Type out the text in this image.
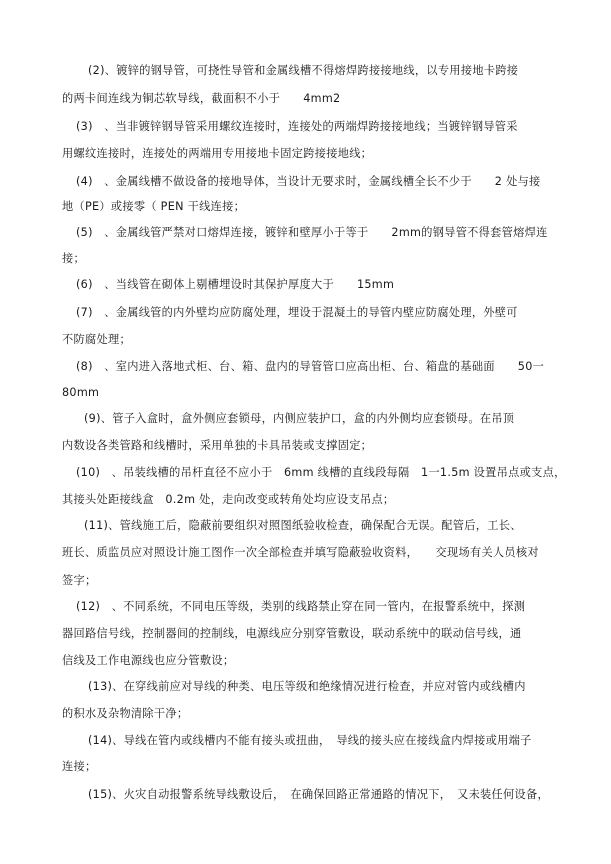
(2)、镀锌的钢导管，可挠性导管和金属线槽不得熔焊跨接接地线，以专用接地卡跨接
的两卡间连线为铜芯软导线，截面积不小于　　4mm2
(3)　、当非镀锌钢导管采用螺纹连接时，连接处的两端焊跨接接地线；当镀锌钢导管采
用螺纹连接时，连接处的两端用专用接地卡固定跨接接地线；
(4)　、金属线槽不做设备的接地导体，当设计无要求时，金属线槽全长不少于　　2 处与接
地（PE）或接零（ PEN 干线连接；
(5)　、金属线管严禁对口熔焊连接，镀锌和壁厚小于等于　　2mm的钢导管不得套管熔焊连
接；
(6)　、当线管在砌体上剔槽埋设时其保护厚度大于　　15mm
(7)　、金属线管的内外壁均应防腐处理，埋设于混凝土的导管内壁应防腐处理，外壁可
不防腐处理；
(8)　、室内进入落地式柜、台、箱、盘内的导管管口应高出柜、台、箱盘的基础面　　50一
80mm
(9)、管子入盒时，盒外侧应套锁母，内侧应装护口，盒的内外侧均应套锁母。在吊顶
内数设各类管路和线槽时，采用单独的卡具吊装或支撑固定；
(10)　、吊装线槽的吊杆直径不应小于　6mm 线槽的直线段每隔　1一1.5m 设置吊点或支点，
其接头处距接线盒　0.2m 处，走向改变或转角处均应设支吊点；
(11)、管线施工后，隐蔽前要组织对照图纸验收检查，确保配合无误。配管后，工长、
班长、质监员应对照设计施工图作一次全部检查并填写隐蔽验收资料，　　交现场有关人员核对
签字；
(12)　、不同系统，不同电压等级，类别的线路禁止穿在同一管内，在报警系统中，探测
器回路信号线，控制器间的控制线，电源线应分别穿管敷设，联动系统中的联动信号线，通
信线及工作电源线也应分管敷设；
(13)、在穿线前应对导线的种类、电压等级和绝缘情况进行检查，并应对管内或线槽内
的积水及杂物清除干净；
(14)、导线在管内或线槽内不能有接头或扭曲，　导线的接头应在接线盒内焊接或用端子
连接；
(15)、火灾自动报警系统导线敷设后，　在确保回路正常通路的情况下，　又未装任何设备，
